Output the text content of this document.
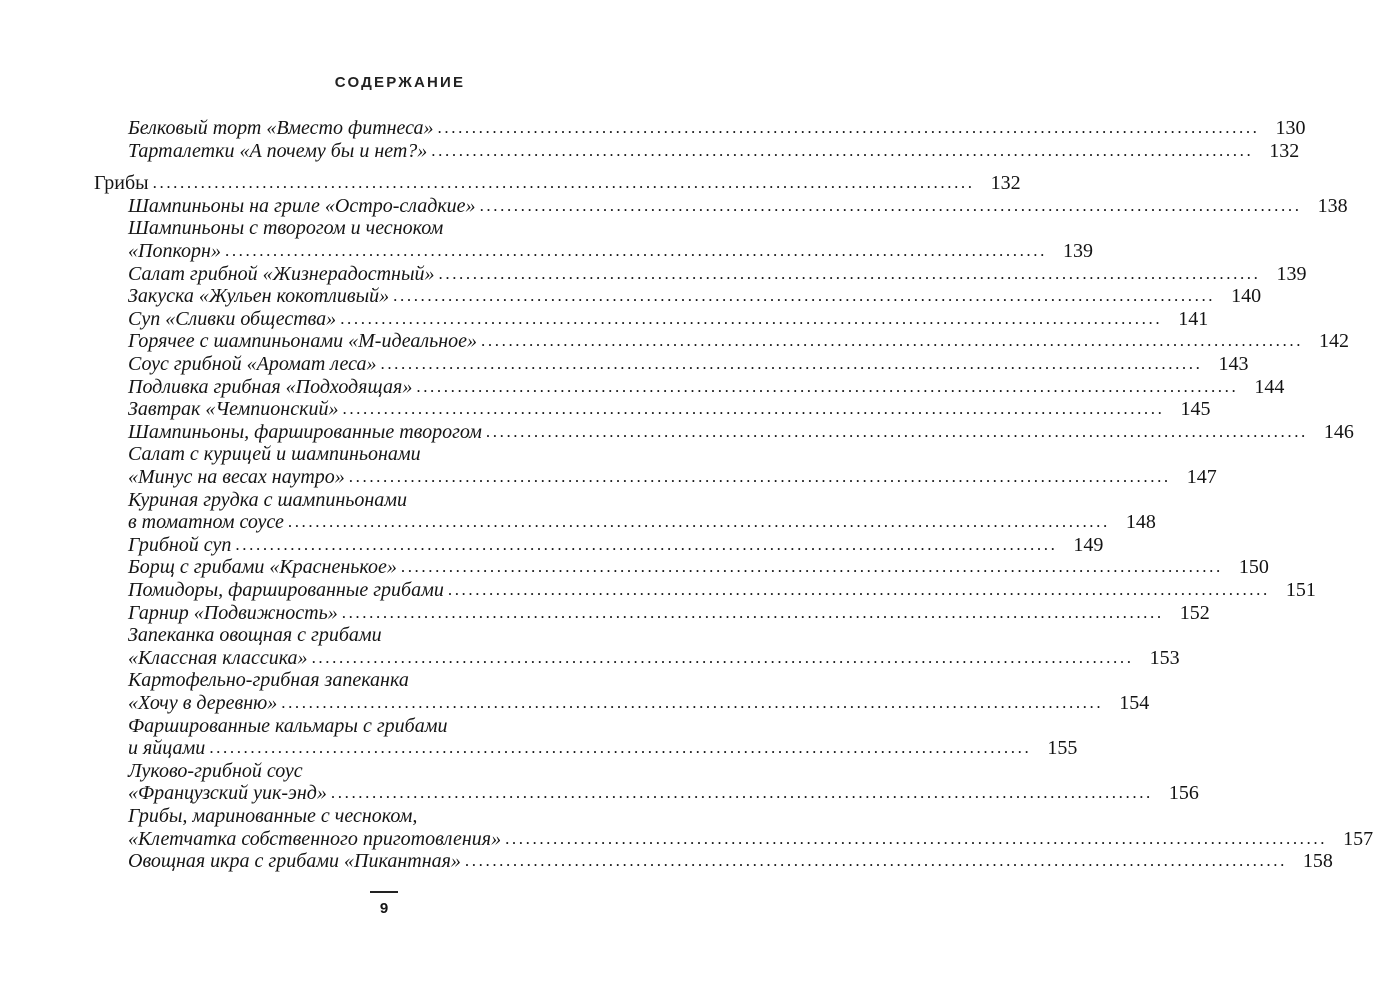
СОДЕРЖАНИЕ
Белковый торт «Вместо фитнеса» ........................................................................................................................ 130
Тарталетки «А почему бы и нет?» ........................................................................................................................ 132
Грибы ........................................................................................................................ 132
Шампиньоны на гриле «Остро-сладкие» ........................................................................................................................ 138
Шампиньоны с творогом и чесноком
«Попкорн» ........................................................................................................................ 139
Салат грибной «Жизнерадостный» ........................................................................................................................ 139
Закуска «Жульен кокотливый» ........................................................................................................................ 140
Суп «Сливки общества» ........................................................................................................................ 141
Горячее с шампиньонами «М-идеальное» ........................................................................................................................ 142
Соус грибной «Аромат леса» ........................................................................................................................ 143
Подливка грибная «Подходящая» ........................................................................................................................ 144
Завтрак «Чемпионский» ........................................................................................................................ 145
Шампиньоны, фаршированные творогом ........................................................................................................................ 146
Салат с курицей и шампиньонами
«Минус на весах наутро» ........................................................................................................................ 147
Куриная грудка с шампиньонами
в томатном соусе ........................................................................................................................ 148
Грибной суп ........................................................................................................................ 149
Борщ с грибами «Красненькое» ........................................................................................................................ 150
Помидоры, фаршированные грибами ........................................................................................................................ 151
Гарнир «Подвижность» ........................................................................................................................ 152
Запеканка овощная с грибами
«Классная классика» ........................................................................................................................ 153
Картофельно-грибная запеканка
«Хочу в деревню» ........................................................................................................................ 154
Фаршированные кальмары с грибами
и яйцами ........................................................................................................................ 155
Луково-грибной соус
«Французский уик-энд» ........................................................................................................................ 156
Грибы, маринованные с чесноком,
«Клетчатка собственного приготовления» ........................................................................................................................ 157
Овощная икра с грибами «Пикантная» ........................................................................................................................ 158
9
